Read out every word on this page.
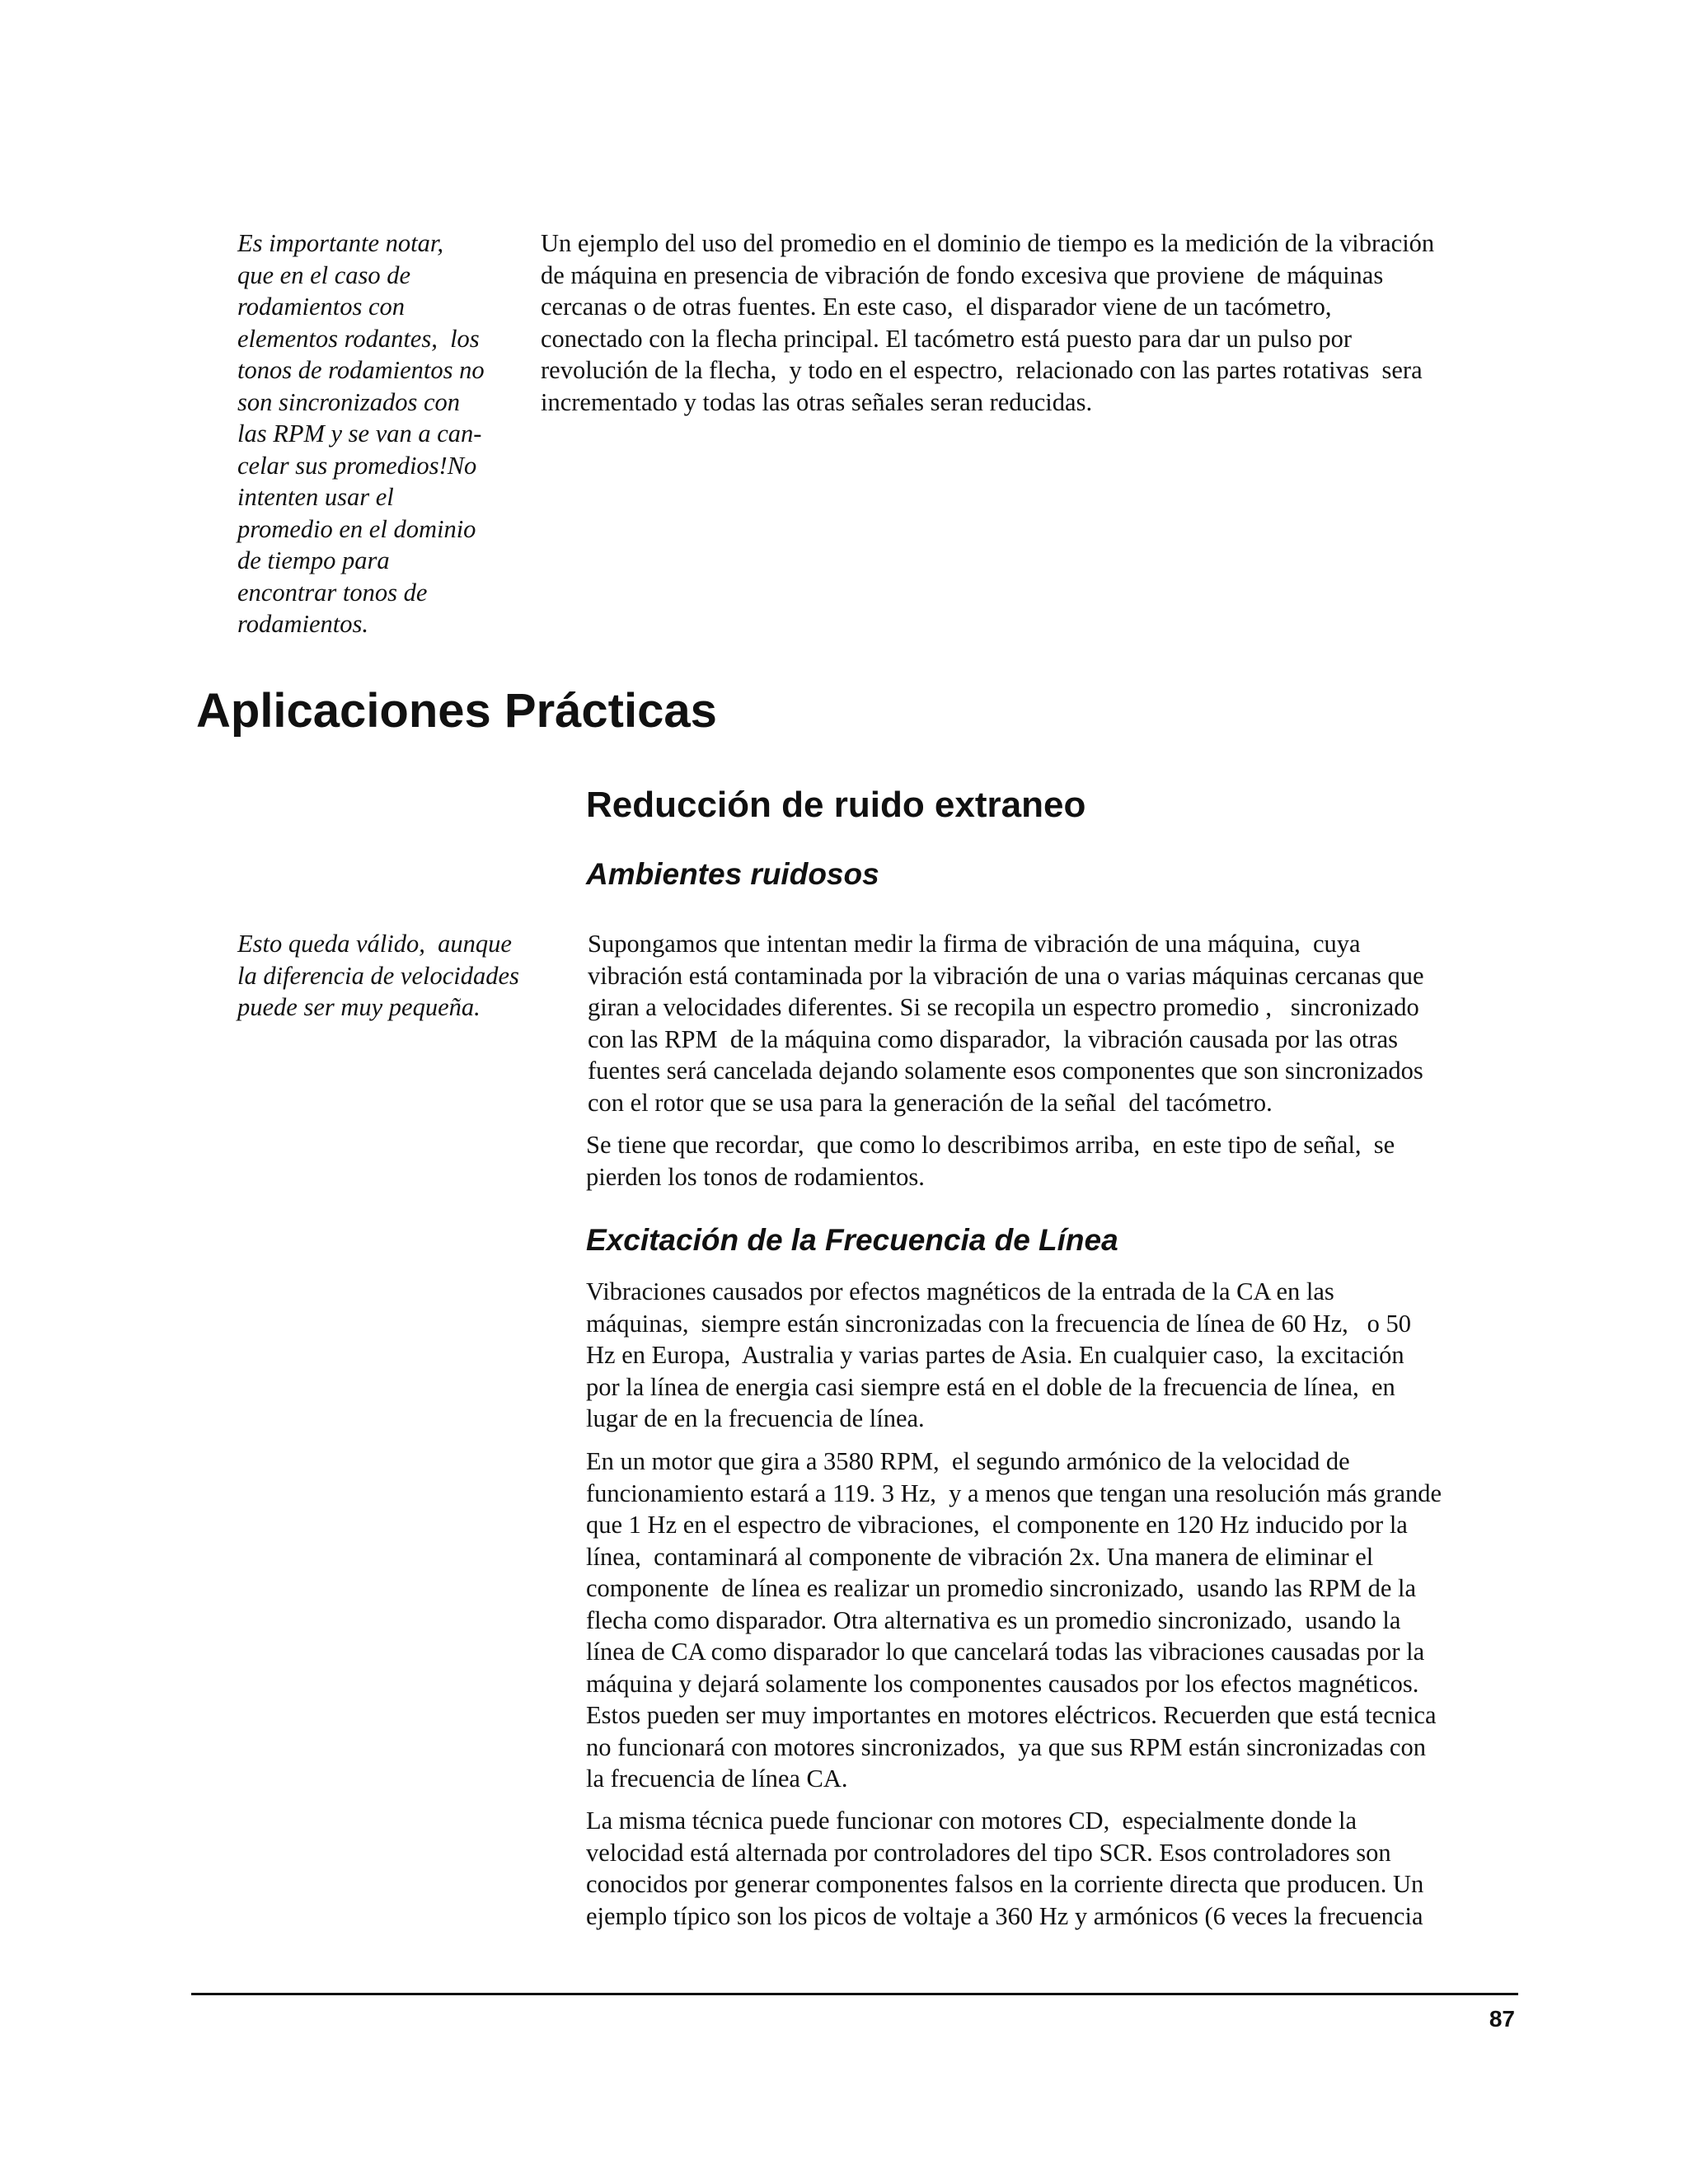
Es importante notar,
que en el caso de
rodamientos con
elementos rodantes,  los
tonos de rodamientos no
son sincronizados con
las RPM y se van a can-
celar sus promedios!No
intenten usar el
promedio en el dominio
de tiempo para
encontrar tonos de
rodamientos.

Un ejemplo del uso del promedio en el dominio de tiempo es la medición de la vibración
de máquina en presencia de vibración de fondo excesiva que proviene  de máquinas
cercanas o de otras fuentes. En este caso,  el disparador viene de un tacómetro,
conectado con la flecha principal. El tacómetro está puesto para dar un pulso por
revolución de la flecha,  y todo en el espectro,  relacionado con las partes rotativas  sera
incrementado y todas las otras señales seran reducidas.

Aplicaciones Prácticas
Reducción de ruido extraneo
Ambientes ruidosos

Esto queda válido,  aunque
la diferencia de velocidades
puede ser muy pequeña.

Supongamos que intentan medir la firma de vibración de una máquina,  cuya
vibración está contaminada por la vibración de una o varias máquinas cercanas que
giran a velocidades diferentes. Si se recopila un espectro promedio ,   sincronizado
con las RPM  de la máquina como disparador,  la vibración causada por las otras
fuentes será cancelada dejando solamente esos componentes que son sincronizados
con el rotor que se usa para la generación de la señal  del tacómetro.

Se tiene que recordar,  que como lo describimos arriba,  en este tipo de señal,  se
pierden los tonos de rodamientos.

Excitación de la Frecuencia de Línea

Vibraciones causados por efectos magnéticos de la entrada de la CA en las
máquinas,  siempre están sincronizadas con la frecuencia de línea de 60 Hz,   o 50
Hz en Europa,  Australia y varias partes de Asia. En cualquier caso,  la excitación
por la línea de energia casi siempre está en el doble de la frecuencia de línea,  en
lugar de en la frecuencia de línea.

En un motor que gira a 3580 RPM,  el segundo armónico de la velocidad de
funcionamiento estará a 119. 3 Hz,  y a menos que tengan una resolución más grande
que 1 Hz en el espectro de vibraciones,  el componente en 120 Hz inducido por la
línea,  contaminará al componente de vibración 2x. Una manera de eliminar el
componente  de línea es realizar un promedio sincronizado,  usando las RPM de la
flecha como disparador. Otra alternativa es un promedio sincronizado,  usando la
línea de CA como disparador lo que cancelará todas las vibraciones causadas por la
máquina y dejará solamente los componentes causados por los efectos magnéticos.
Estos pueden ser muy importantes en motores eléctricos. Recuerden que está tecnica
no funcionará con motores sincronizados,  ya que sus RPM están sincronizadas con
la frecuencia de línea CA.

La misma técnica puede funcionar con motores CD,  especialmente donde la
velocidad está alternada por controladores del tipo SCR. Esos controladores son
conocidos por generar componentes falsos en la corriente directa que producen. Un
ejemplo típico son los picos de voltaje a 360 Hz y armónicos (6 veces la frecuencia

87
